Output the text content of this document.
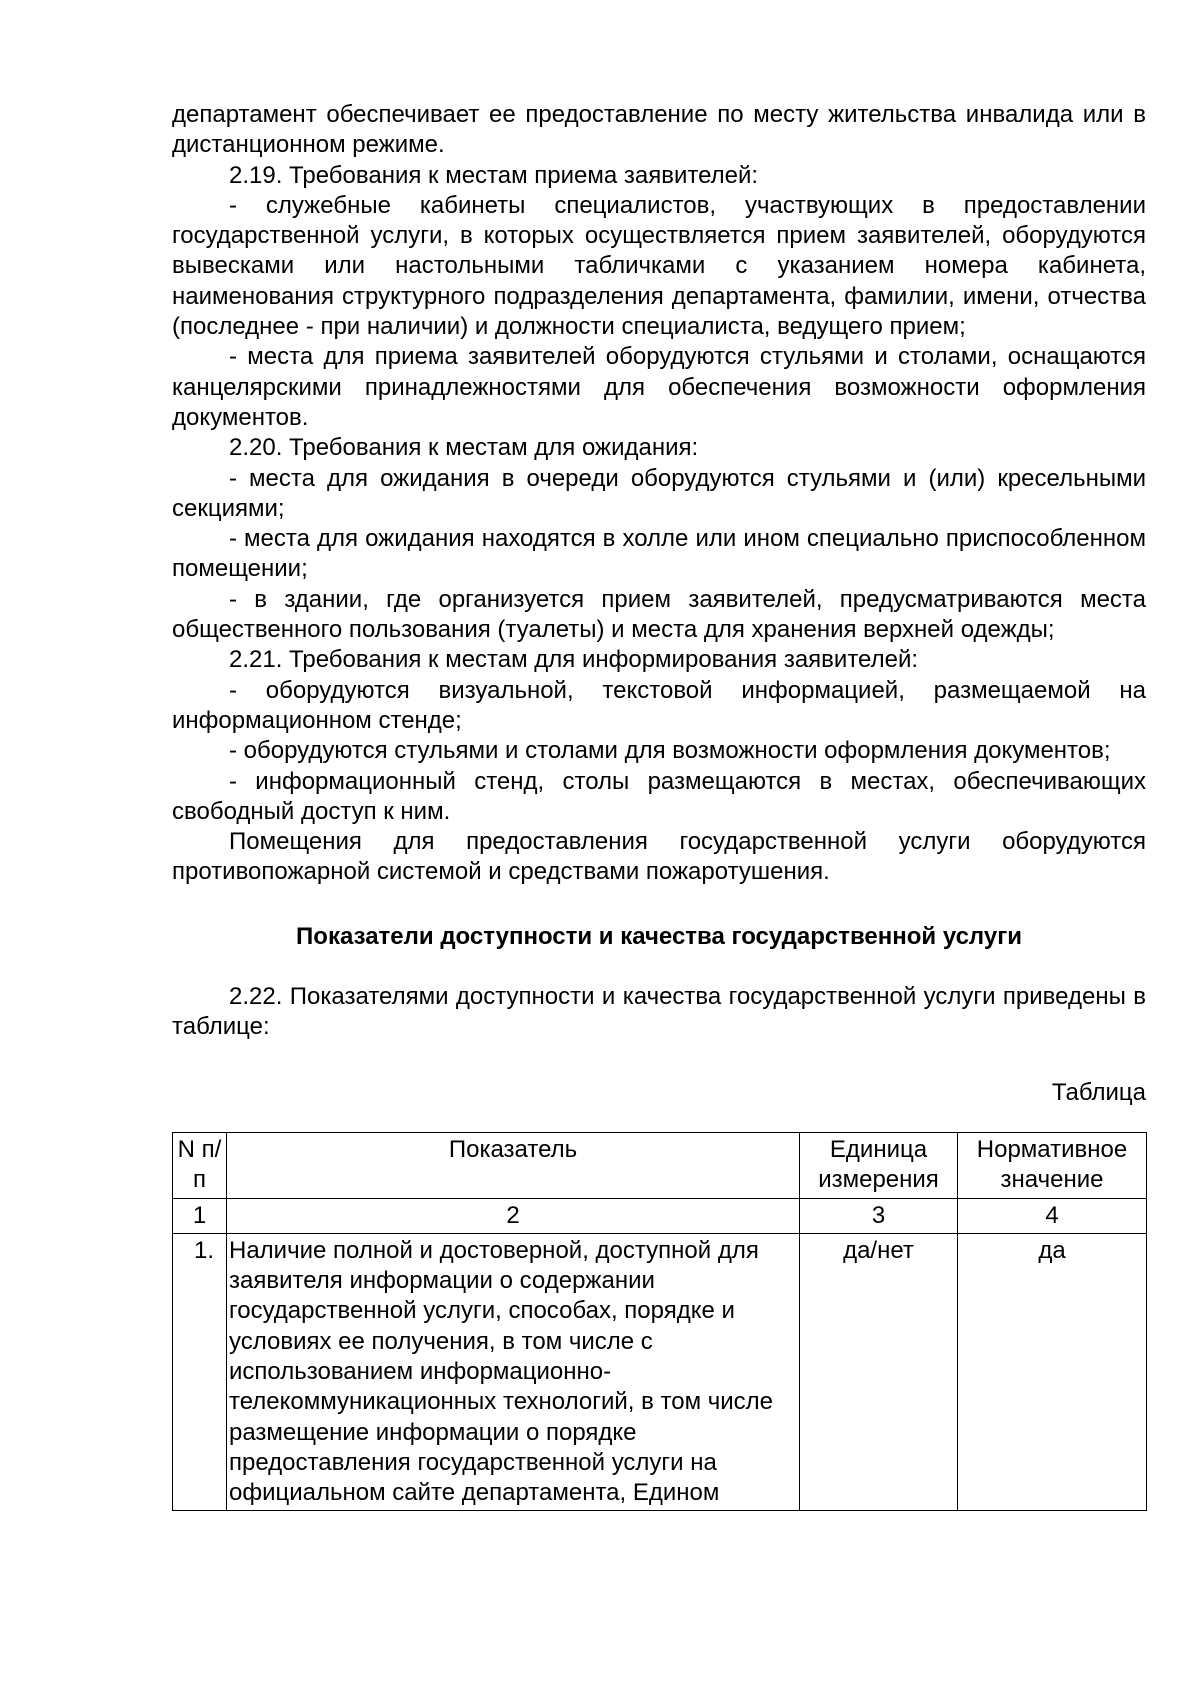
департамент обеспечивает ее предоставление по месту жительства инвалида или в дистанционном режиме.

2.19. Требования к местам приема заявителей:

- служебные кабинеты специалистов, участвующих в предоставлении государственной услуги, в которых осуществляется прием заявителей, оборудуются вывесками или настольными табличками с указанием номера кабинета, наименования структурного подразделения департамента, фамилии, имени, отчества (последнее - при наличии) и должности специалиста, ведущего прием;

- места для приема заявителей оборудуются стульями и столами, оснащаются канцелярскими принадлежностями для обеспечения возможности оформления документов.

2.20. Требования к местам для ожидания:

- места для ожидания в очереди оборудуются стульями и (или) кресельными секциями;

- места для ожидания находятся в холле или ином специально приспособленном помещении;

- в здании, где организуется прием заявителей, предусматриваются места общественного пользования (туалеты) и места для хранения верхней одежды;

2.21. Требования к местам для информирования заявителей:

- оборудуются визуальной, текстовой информацией, размещаемой на информационном стенде;

- оборудуются стульями и столами для возможности оформления документов;

- информационный стенд, столы размещаются в местах, обеспечивающих свободный доступ к ним.

Помещения для предоставления государственной услуги оборудуются противопожарной системой и средствами пожаротушения.

Показатели доступности и качества государственной услуги

2.22. Показателями доступности и качества государственной услуги приведены в таблице:

Таблица

N п/п	Показатель	Единица измерения	Нормативное значение
1	2	3	4
1.	Наличие полной и достоверной, доступной для заявителя информации о содержании государственной услуги, способах, порядке и условиях ее получения, в том числе с использованием информационно-телекоммуникационных технологий, в том числе размещение информации о порядке предоставления государственной услуги на официальном сайте департамента, Едином	да/нет	да
